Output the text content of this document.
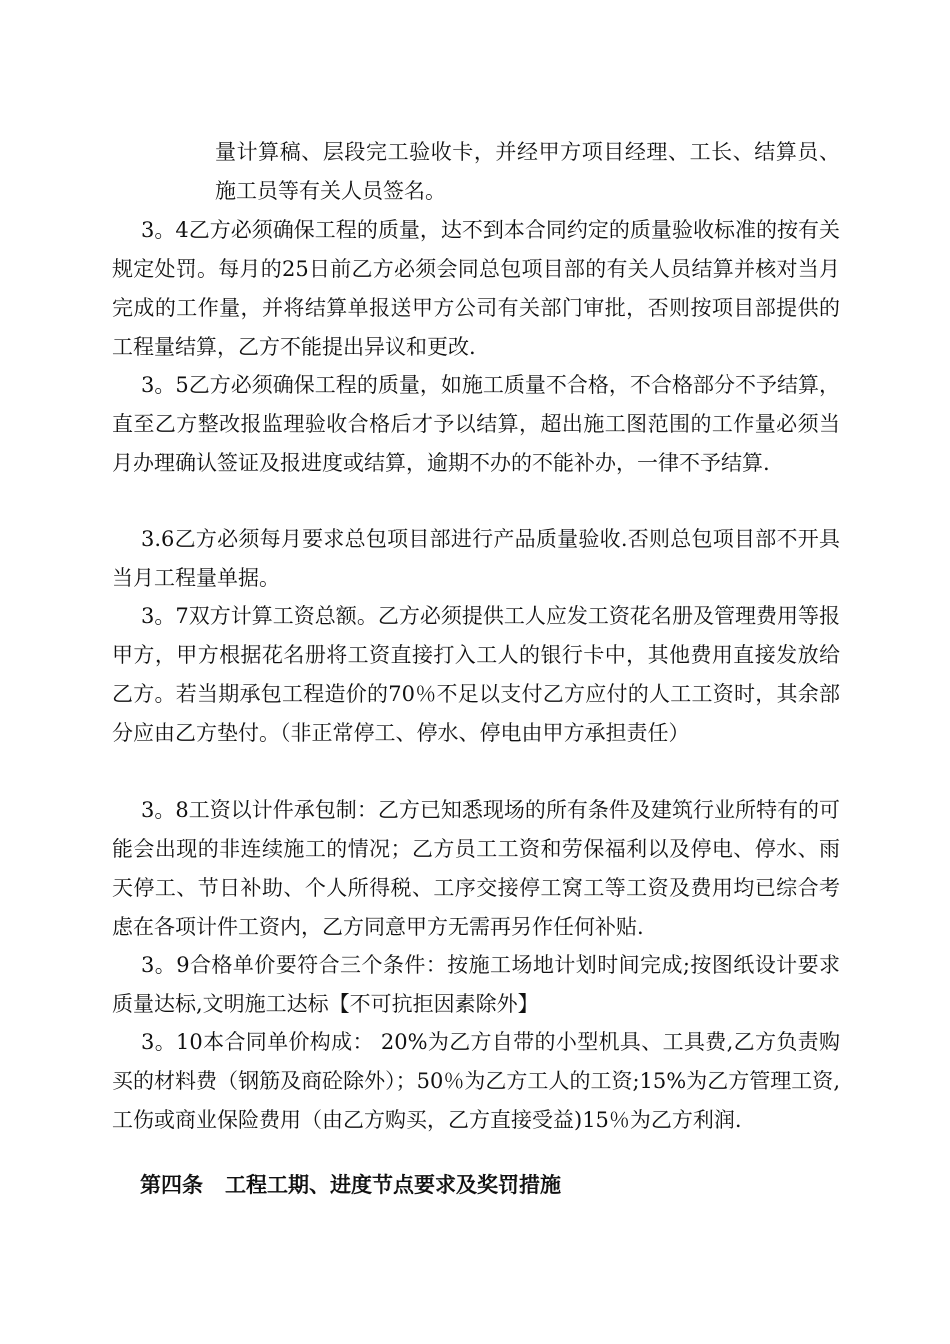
量计算稿、层段完工验收卡，并经甲方项目经理、工长、结算员、施工员等有关人员签名。

3。4乙方必须确保工程的质量，达不到本合同约定的质量验收标准的按有关规定处罚。每月的25日前乙方必须会同总包项目部的有关人员结算并核对当月完成的工作量，并将结算单报送甲方公司有关部门审批，否则按项目部提供的工程量结算，乙方不能提出异议和更改.

3。5乙方必须确保工程的质量，如施工质量不合格，不合格部分不予结算，直至乙方整改报监理验收合格后才予以结算，超出施工图范围的工作量必须当月办理确认签证及报进度或结算，逾期不办的不能补办，一律不予结算.

3.6乙方必须每月要求总包项目部进行产品质量验收.否则总包项目部不开具当月工程量单据。

3。7双方计算工资总额。乙方必须提供工人应发工资花名册及管理费用等报甲方，甲方根据花名册将工资直接打入工人的银行卡中，其他费用直接发放给乙方。若当期承包工程造价的70％不足以支付乙方应付的人工工资时，其余部分应由乙方垫付。（非正常停工、停水、停电由甲方承担责任）

3。8工资以计件承包制：乙方已知悉现场的所有条件及建筑行业所特有的可能会出现的非连续施工的情况；乙方员工工资和劳保福利以及停电、停水、雨天停工、节日补助、个人所得税、工序交接停工窝工等工资及费用均已综合考虑在各项计件工资内，乙方同意甲方无需再另作任何补贴.

3。9合格单价要符合三个条件：按施工场地计划时间完成;按图纸设计要求质量达标,文明施工达标【不可抗拒因素除外】

3。10本合同单价构成： 20%为乙方自带的小型机具、工具费,乙方负责购买的材料费（钢筋及商砼除外）；50％为乙方工人的工资;15%为乙方管理工资,工伤或商业保险费用（由乙方购买，乙方直接受益)15％为乙方利润.

第四条 工程工期、进度节点要求及奖罚措施
